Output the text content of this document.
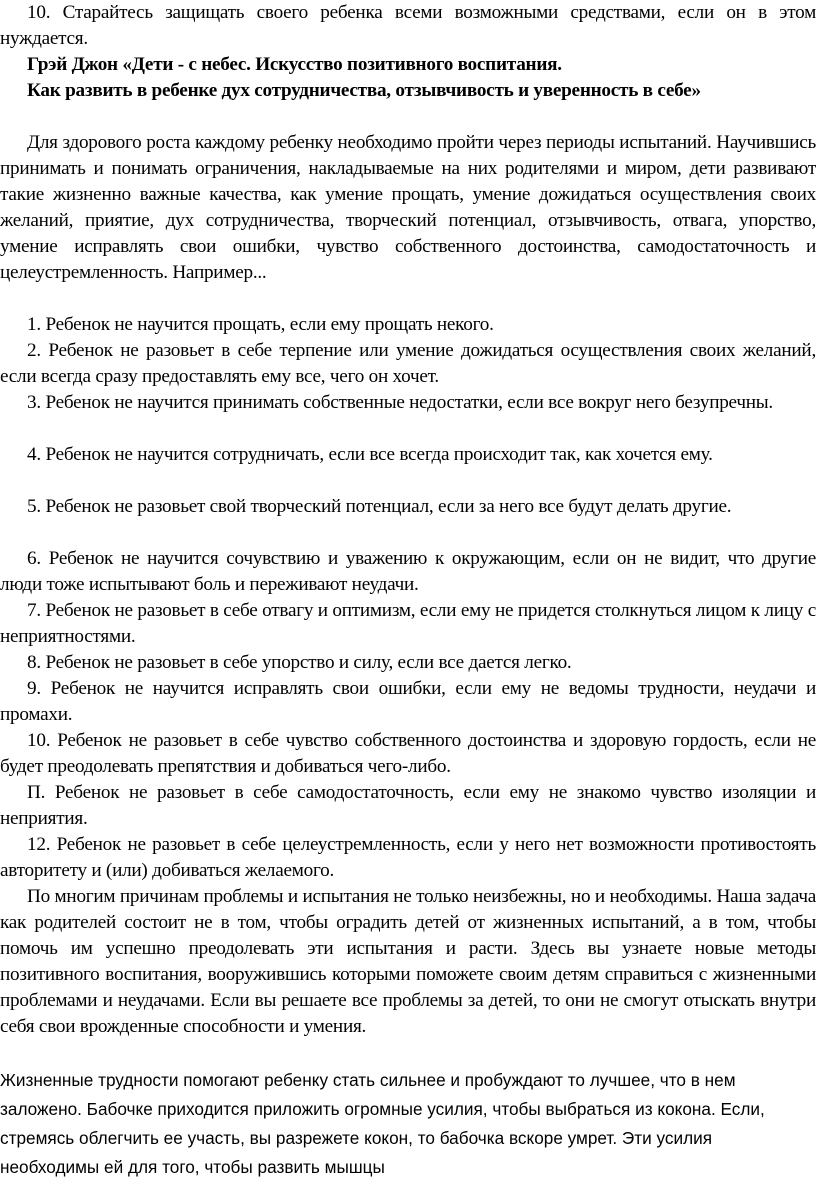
10. Старайтесь защищать своего ребенка всеми возможными средствами, если он в этом нуждается.

Грэй Джон «Дети - с небес. Искусство позитивного воспитания.

Как развить в ребенке дух сотрудничества, отзывчивость и уверенность в себе»

Для здорового роста каждому ребенку необходимо пройти через периоды испытаний. Научившись принимать и понимать ограничения, накладываемые на них родителями и миром, дети развивают такие жизненно важные качества, как умение прощать, умение дожидаться осуществления своих желаний, приятие, дух сотрудничества, творческий потенциал, отзывчивость, отвага, упорство, умение исправлять свои ошибки, чувство собственного достоинства, самодостаточность и целеустремленность. Например...

1. Ребенок не научится прощать, если ему прощать некого.

2. Ребенок не разовьет в себе терпение или умение дожидаться осуществления своих желаний, если всегда сразу предоставлять ему все, чего он хочет.

3. Ребенок не научится принимать собственные недостатки, если все вокруг него безупречны.

4. Ребенок не научится сотрудничать, если все всегда происходит так, как хочется ему.

5. Ребенок не разовьет свой творческий потенциал, если за него все будут делать другие.

6. Ребенок не научится сочувствию и уважению к окружающим, если он не видит, что другие люди тоже испытывают боль и переживают неудачи.

7. Ребенок не разовьет в себе отвагу и оптимизм, если ему не придется столкнуться лицом к лицу с неприятностями.

8. Ребенок не разовьет в себе упорство и силу, если все дается легко.

9. Ребенок не научится исправлять свои ошибки, если ему не ведомы трудности, неудачи и промахи.

10. Ребенок не разовьет в себе чувство собственного достоинства и здоровую гордость, если не будет преодолевать препятствия и добиваться чего-либо.

П. Ребенок не разовьет в себе самодостаточность, если ему не знакомо чувство изоляции и неприятия.

12. Ребенок не разовьет в себе целеустремленность, если у него нет возможности противостоять авторитету и (или) добиваться желаемого.

По многим причинам проблемы и испытания не только неизбежны, но и необходимы. Наша задача как родителей состоит не в том, чтобы оградить детей от жизненных испытаний, а в том, чтобы помочь им успешно преодолевать эти испытания и расти. Здесь вы узнаете новые методы позитивного воспитания, вооружившись которыми поможете своим детям справиться с жизненными проблемами и неудачами. Если вы решаете все проблемы за детей, то они не смогут отыскать внутри себя свои врожденные способности и умения.

Жизненные трудности помогают ребенку стать сильнее и пробуждают то лучшее, что в нем заложено. Бабочке приходится приложить огромные усилия, чтобы выбраться из кокона. Если, стремясь облегчить ее участь, вы разрежете кокон, то бабочка вскоре умрет. Эти усилия необходимы ей для того, чтобы развить мышцы
